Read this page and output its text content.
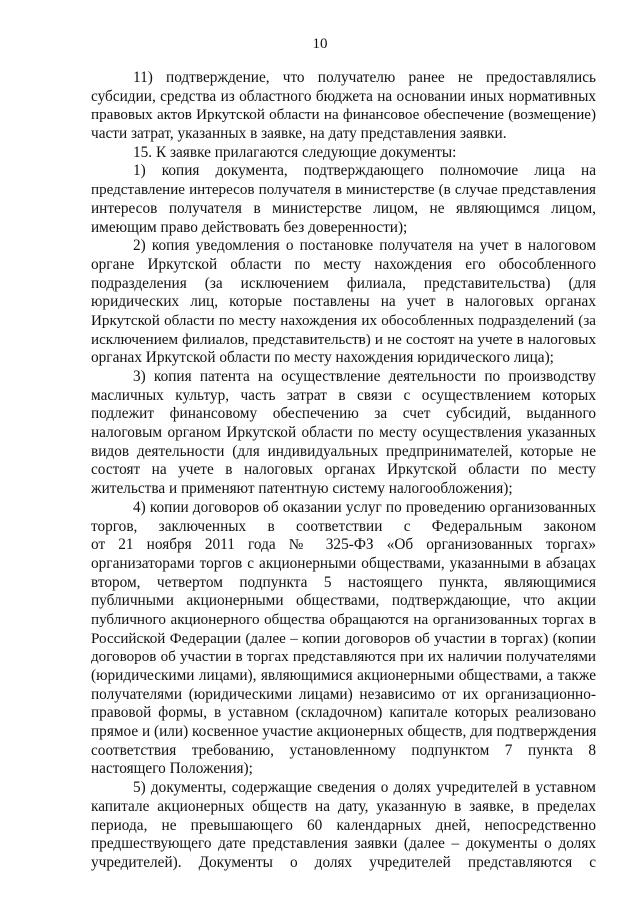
10
11) подтверждение, что получателю ранее не предоставлялись
субсидии, средства из областного бюджета на основании иных нормативных
правовых актов Иркутской области на финансовое обеспечение (возмещение)
части затрат, указанных в заявке, на дату представления заявки.
15. К заявке прилагаются следующие документы:
1) копия документа, подтверждающего полномочие лица на
представление интересов получателя в министерстве (в случае представления
интересов получателя в министерстве лицом, не являющимся лицом,
имеющим право действовать без доверенности);
2) копия уведомления о постановке получателя на учет в налоговом
органе Иркутской области по месту нахождения его обособленного
подразделения (за исключением филиала, представительства) (для
юридических лиц, которые поставлены на учет в налоговых органах
Иркутской области по месту нахождения их обособленных подразделений (за
исключением филиалов, представительств) и не состоят на учете в налоговых
органах Иркутской области по месту нахождения юридического лица);
3) копия патента на осуществление деятельности по производству
масличных культур, часть затрат в связи с осуществлением которых
подлежит финансовому обеспечению за счет субсидий, выданного
налоговым органом Иркутской области по месту осуществления указанных
видов деятельности (для индивидуальных предпринимателей, которые не
состоят на учете в налоговых органах Иркутской области по месту
жительства и применяют патентную систему налогообложения);
4) копии договоров об оказании услуг по проведению организованных
торгов, заключенных в соответствии с Федеральным законом
от 21 ноября 2011 года № 325-ФЗ «Об организованных торгах»
организаторами торгов с акционерными обществами, указанными в абзацах
втором, четвертом подпункта 5 настоящего пункта, являющимися
публичными акционерными обществами, подтверждающие, что акции
публичного акционерного общества обращаются на организованных торгах в
Российской Федерации (далее – копии договоров об участии в торгах) (копии
договоров об участии в торгах представляются при их наличии получателями
(юридическими лицами), являющимися акционерными обществами, а также
получателями (юридическими лицами) независимо от их организационно-
правовой формы, в уставном (складочном) капитале которых реализовано
прямое и (или) косвенное участие акционерных обществ, для подтверждения
соответствия требованию, установленному подпунктом 7 пункта 8
настоящего Положения);
5) документы, содержащие сведения о долях учредителей в уставном
капитале акционерных обществ на дату, указанную в заявке, в пределах
периода, не превышающего 60 календарных дней, непосредственно
предшествующего дате представления заявки (далее – документы о долях
учредителей). Документы о долях учредителей представляются с
